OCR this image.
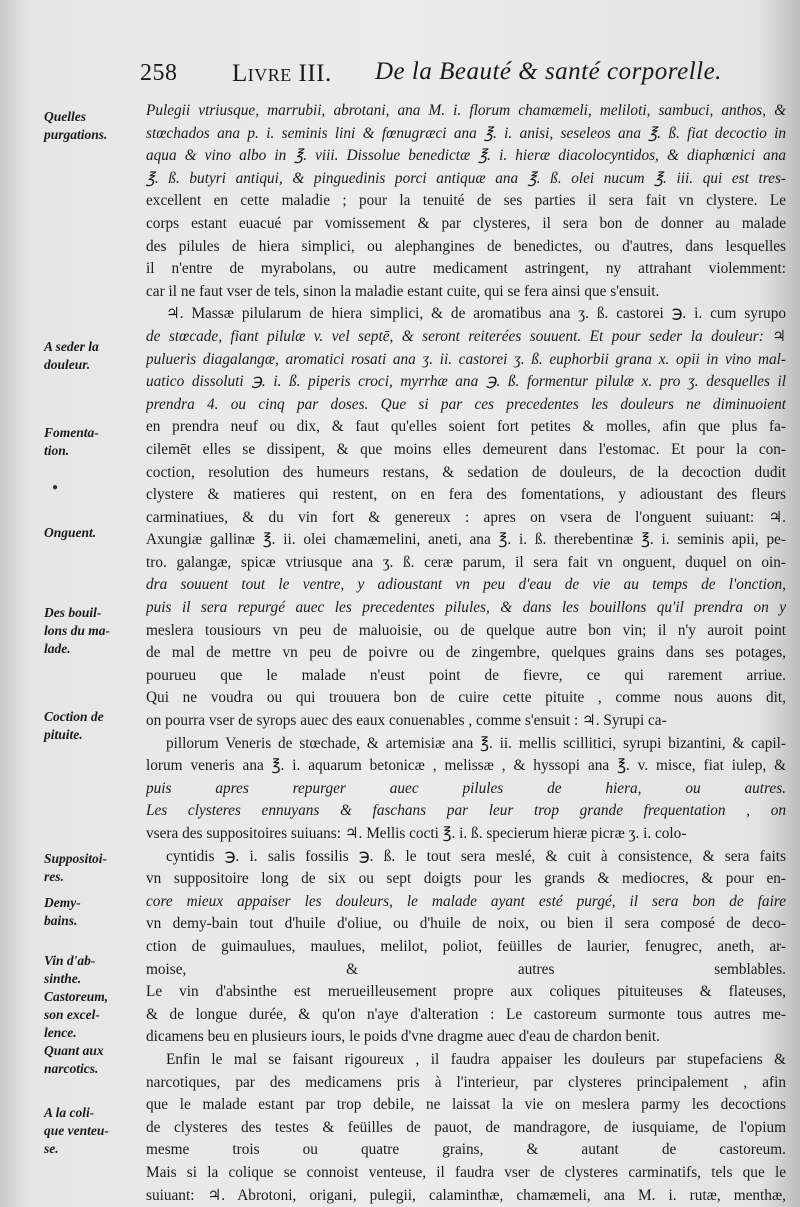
258 Livre III. De la Beauté & santé corporelle.
Quelles
purgations.
A seder la
douleur.
Fomenta-
tion.
Onguent.
Des bouil-
lons du ma-
lade.
Coction de
pituite.
Suppositoi-
res.
Demy-
bains.
Vin d'ab-
sinthe.
Castoreum,
son excel-
lence.
Quant aux
narcotics.
A la coli-
que venteu-
se.
●
Pulegii vtriusque, marrubii, abrotani, ana M. i. florum chamæmeli, meliloti, sambuci, anthos, &
stœchados ana p. i. seminis lini & fœnugræci ana ℥. i. anisi, seseleos ana ℥. ß. fiat decoctio in
aqua & vino albo in ℥. viii. Dissolue benedictæ ℥. i. hieræ diacolocyntidos, & diaphœnici ana
℥. ß. butyri antiqui, & pinguedinis porci antiquæ ana ℥. ß. olei nucum ℥. iii. qui est tres-
excellent en cette maladie ; pour la tenuité de ses parties il sera fait vn clystere. Le
corps estant euacué par vomissement & par clysteres, il sera bon de donner au malade
des pilules de hiera simplici, ou alephangines de benedictes, ou d'autres, dans lesquelles
il n'entre de myrabolans, ou autre medicament astringent, ny attrahant violemment:
car il ne faut vser de tels, sinon la maladie estant cuite, qui se fera ainsi que s'ensuit.
♃. Massæ pilularum de hiera simplici, & de aromatibus ana ʒ. ß. castorei ℈. i. cum syrupo
de stœcade, fiant pilulæ v. vel septē, & seront reiterées souuent. Et pour seder la douleur: ♃
pulueris diagalangæ, aromatici rosati ana ʒ. ii. castorei ʒ. ß. euphorbii grana x. opii in vino mal-
uatico dissoluti ℈. i. ß. piperis croci, myrrhæ ana ℈. ß. formentur pilulæ x. pro ʒ. desquelles il
prendra 4. ou cinq par doses. Que si par ces precedentes les douleurs ne diminuoient
en prendra neuf ou dix, & faut qu'elles soient fort petites & molles, afin que plus fa-
cilemēt elles se dissipent, & que moins elles demeurent dans l'estomac. Et pour la con-
coction, resolution des humeurs restans, & sedation de douleurs, de la decoction dudit
clystere & matieres qui restent, on en fera des fomentations, y adioustant des fleurs
carminatiues, & du vin fort & genereux : apres on vsera de l'onguent suiuant: ♃.
Axungiæ gallinæ ℥. ii. olei chamæmelini, aneti, ana ℥. i. ß. therebentinæ ℥. i. seminis apii, pe-
tro. galangæ, spicæ vtriusque ana ʒ. ß. ceræ parum, il sera fait vn onguent, duquel on oin-
dra souuent tout le ventre, y adioustant vn peu d'eau de vie au temps de l'onction,
puis il sera repurgé auec les precedentes pilules, & dans les bouillons qu'il prendra on y
meslera tousiours vn peu de maluoisie, ou de quelque autre bon vin; il n'y auroit point
de mal de mettre vn peu de poivre ou de zingembre, quelques grains dans ses potages,
pourueu que le malade n'eust point de fievre, ce qui rarement arriue.
Qui ne voudra ou qui trouuera bon de cuire cette pituite , comme nous auons dit,
on pourra vser de syrops auec des eaux conuenables , comme s'ensuit : ♃. Syrupi ca-
pillorum Veneris de stœchade, & artemisiæ ana ℥. ii. mellis scillitici, syrupi bizantini, & capil-
lorum veneris ana ℥. i. aquarum betonicæ , melissæ , & hyssopi ana ℥. v. misce, fiat iulep, &
puis apres repurger auec pilules de hiera, ou autres.
Les clysteres ennuyans & faschans par leur trop grande frequentation , on
vsera des suppositoires suiuans: ♃. Mellis cocti ℥. i. ß. specierum hieræ picræ ʒ. i. colo-
cyntidis ℈. i. salis fossilis ℈. ß. le tout sera meslé, & cuit à consistence, & sera faits
vn suppositoire long de six ou sept doigts pour les grands & mediocres, & pour en-
core mieux appaiser les douleurs, le malade ayant esté purgé, il sera bon de faire
vn demy-bain tout d'huile d'oliue, ou d'huile de noix, ou bien il sera composé de deco-
ction de guimaulues, maulues, melilot, poliot, feüilles de laurier, fenugrec, aneth, ar-
moise, & autres semblables.
Le vin d'absinthe est merueilleusement propre aux coliques pituiteuses & flateuses,
& de longue durée, & qu'on n'aye d'alteration : Le castoreum surmonte tous autres me-
dicamens beu en plusieurs iours, le poids d'vne dragme auec d'eau de chardon benit.
Enfin le mal se faisant rigoureux , il faudra appaiser les douleurs par stupefaciens &
narcotiques, par des medicamens pris à l'interieur, par clysteres principalement , afin
que le malade estant par trop debile, ne laissat la vie on meslera parmy les decoctions
de clysteres des testes & feüilles de pauot, de mandragore, de iusquiame, de l'opium
mesme trois ou quatre grains, & autant de castoreum.
Mais si la colique se connoist venteuse, il faudra vser de clysteres carminatifs, tels que le
suiuant: ♃. Abrotoni, origani, pulegii, calaminthæ, chamæmeli, ana M. i. rutæ, menthæ,
